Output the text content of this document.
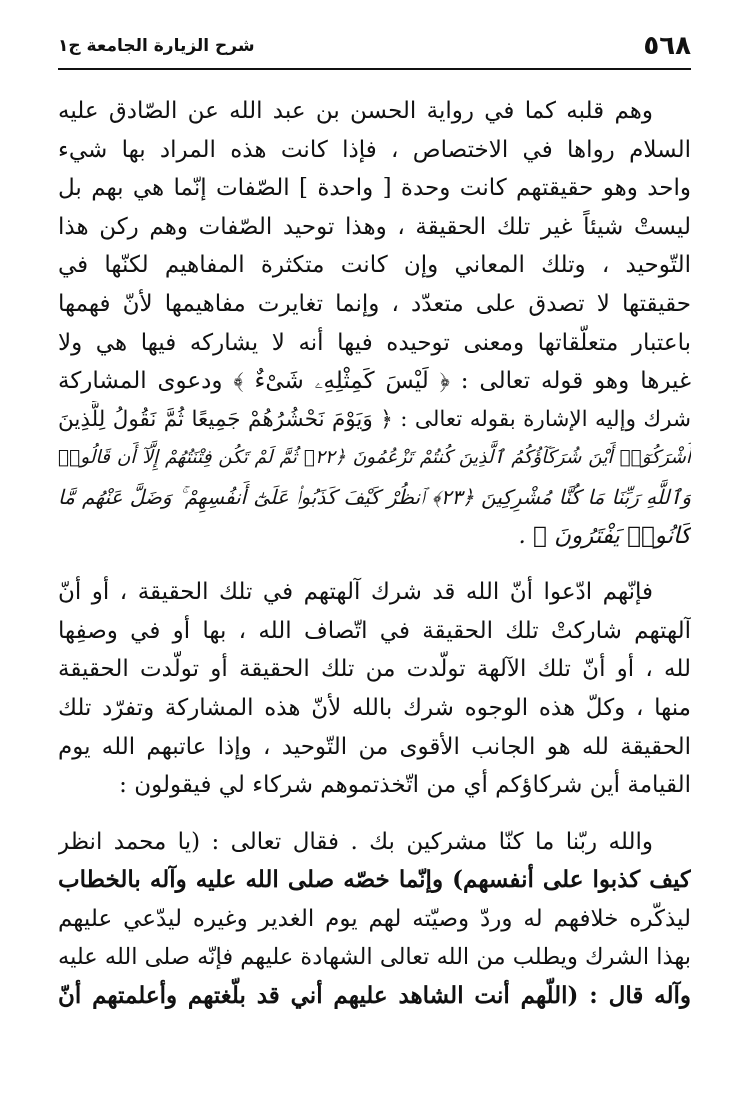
٥٦٨
شرح الزيارة الجامعة ج١
وهم قلبه كما في رواية الحسن بن عبد الله عن الصّادق عليه
السلام رواها في الاختصاص ، فإذا كانت هذه المراد بها شيء
واحد وهو حقيقتهم كانت وحدة [ واحدة ] الصّفات إنّما هي بهم بل
ليستْ شيئاً غير تلك الحقيقة ، وهذا توحيد الصّفات وهم ركن هذا
التّوحيد ، وتلك المعاني وإن كانت متكثرة المفاهيم لكنّها في
حقيقتها لا تصدق على متعدّد ، وإنما تغايرت مفاهيمها لأنّ فهمها
باعتبار متعلّقاتها ومعنى توحيده فيها أنه لا يشاركه فيها هي ولا
غيرها وهو قوله تعالى : ﴿ لَيْسَ كَمِثْلِهِۦ شَىْءٌ ﴾ ودعوى المشاركة
شرك وإليه الإشارة بقوله تعالى : ﴿ وَيَوْمَ نَحْشُرُهُمْ جَمِيعًا ثُمَّ نَقُولُ لِلَّذِينَ
أَشْرَكُوٓا۟ أَيْنَ شُرَكَآؤُكُمُ ٱلَّذِينَ كُنتُمْ تَزْعُمُونَ ﴿٢٢﴾ ثُمَّ لَمْ تَكُن فِتْنَتُهُمْ إِلَّآ أَن قَالُوا۟
وَٱللَّهِ رَبِّنَا مَا كُنَّا مُشْرِكِينَ ﴿٢٣﴾ ٱنظُرْ كَيْفَ كَذَبُوا۟ عَلَىٰٓ أَنفُسِهِمْ ۚ وَضَلَّ عَنْهُم مَّا
كَانُوا۟ يَفْتَرُونَ ﴾ .
فإنّهم ادّعوا أنّ الله قد شرك آلهتهم في تلك الحقيقة ، أو أنّ
آلهتهم شاركتْ تلك الحقيقة في اتّصاف الله ، بها أو في وصفِها
لله ، أو أنّ تلك الآلهة تولّدت من تلك الحقيقة أو تولّدت الحقيقة
منها ، وكلّ هذه الوجوه شرك بالله لأنّ هذه المشاركة وتفرّد تلك
الحقيقة لله هو الجانب الأقوى من التّوحيد ، وإذا عاتبهم الله يوم
القيامة أين شركاؤكم أي من اتّخذتموهم شركاء لي فيقولون :
والله ربّنا ما كنّا مشركين بك . فقال تعالى : (يا محمد انظر
كيف كذبوا على أنفسهم) وإنّما خصّه صلى الله عليه وآله بالخطاب
ليذكّره خلافهم له وردّ وصيّته لهم يوم الغدير وغيره ليدّعي عليهم
بهذا الشرك ويطلب من الله تعالى الشهادة عليهم فإنّه صلى الله عليه
وآله قال : (اللّهم أنت الشاهد عليهم أني قد بلّغتهم وأعلمتهم أنّ
